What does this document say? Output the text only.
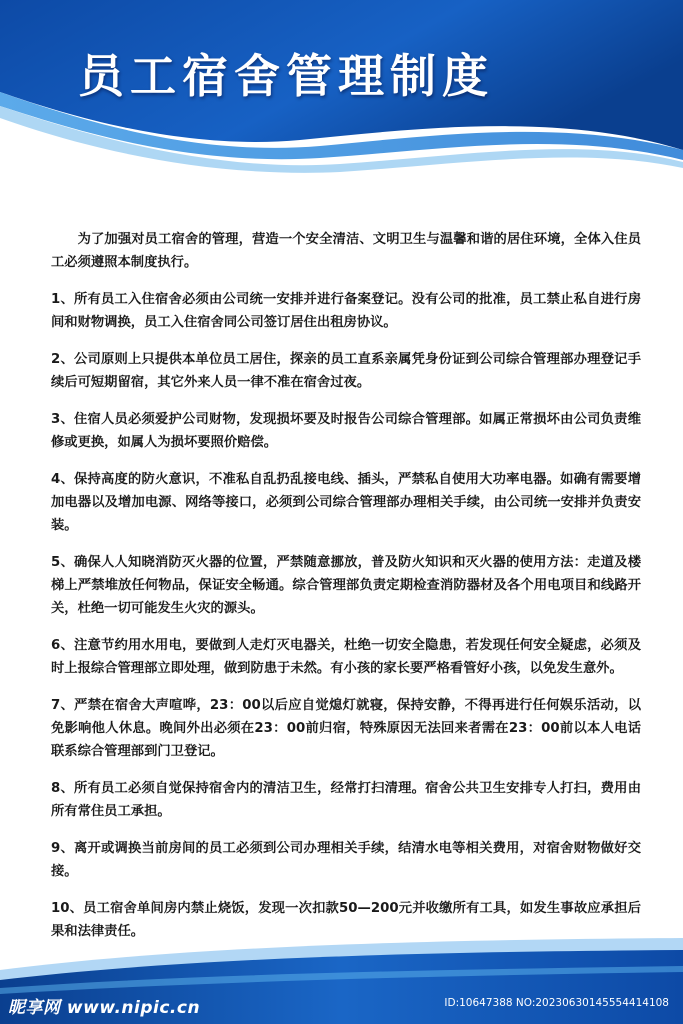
员工宿舍管理制度

为了加强对员工宿舍的管理，营造一个安全清洁、文明卫生与温馨和谐的居住环境，全体入住员工必须遵照本制度执行。

1、所有员工入住宿舍必须由公司统一安排并进行备案登记。没有公司的批准，员工禁止私自进行房间和财物调换，员工入住宿舍同公司签订居住出租房协议。

2、公司原则上只提供本单位员工居住，探亲的员工直系亲属凭身份证到公司综合管理部办理登记手续后可短期留宿，其它外来人员一律不准在宿舍过夜。

3、住宿人员必须爱护公司财物，发现损坏要及时报告公司综合管理部。如属正常损坏由公司负责维修或更换，如属人为损坏要照价赔偿。

4、保持高度的防火意识，不准私自乱扔乱接电线、插头，严禁私自使用大功率电器。如确有需要增加电器以及增加电源、网络等接口，必须到公司综合管理部办理相关手续，由公司统一安排并负责安装。

5、确保人人知晓消防灭火器的位置，严禁随意挪放，普及防火知识和灭火器的使用方法：走道及楼梯上严禁堆放任何物品，保证安全畅通。综合管理部负责定期检查消防器材及各个用电项目和线路开关，杜绝一切可能发生火灾的源头。

6、注意节约用水用电，要做到人走灯灭电器关，杜绝一切安全隐患，若发现任何安全疑虑，必须及时上报综合管理部立即处理，做到防患于未然。有小孩的家长要严格看管好小孩，以免发生意外。

7、严禁在宿舍大声喧哗，23：00以后应自觉熄灯就寝，保持安静，不得再进行任何娱乐活动，以免影响他人休息。晚间外出必须在23：00前归宿，特殊原因无法回来者需在23：00前以本人电话联系综合管理部到门卫登记。

8、所有员工必须自觉保持宿舍内的清洁卫生，经常打扫清理。宿舍公共卫生安排专人打扫，费用由所有常住员工承担。

9、离开或调换当前房间的员工必须到公司办理相关手续，结清水电等相关费用，对宿舍财物做好交接。

10、员工宿舍单间房内禁止烧饭，发现一次扣款50—200元并收缴所有工具，如发生事故应承担后果和法律责任。

昵享网 www.nipic.cn	ID:10647388 NO:20230630145554414108
